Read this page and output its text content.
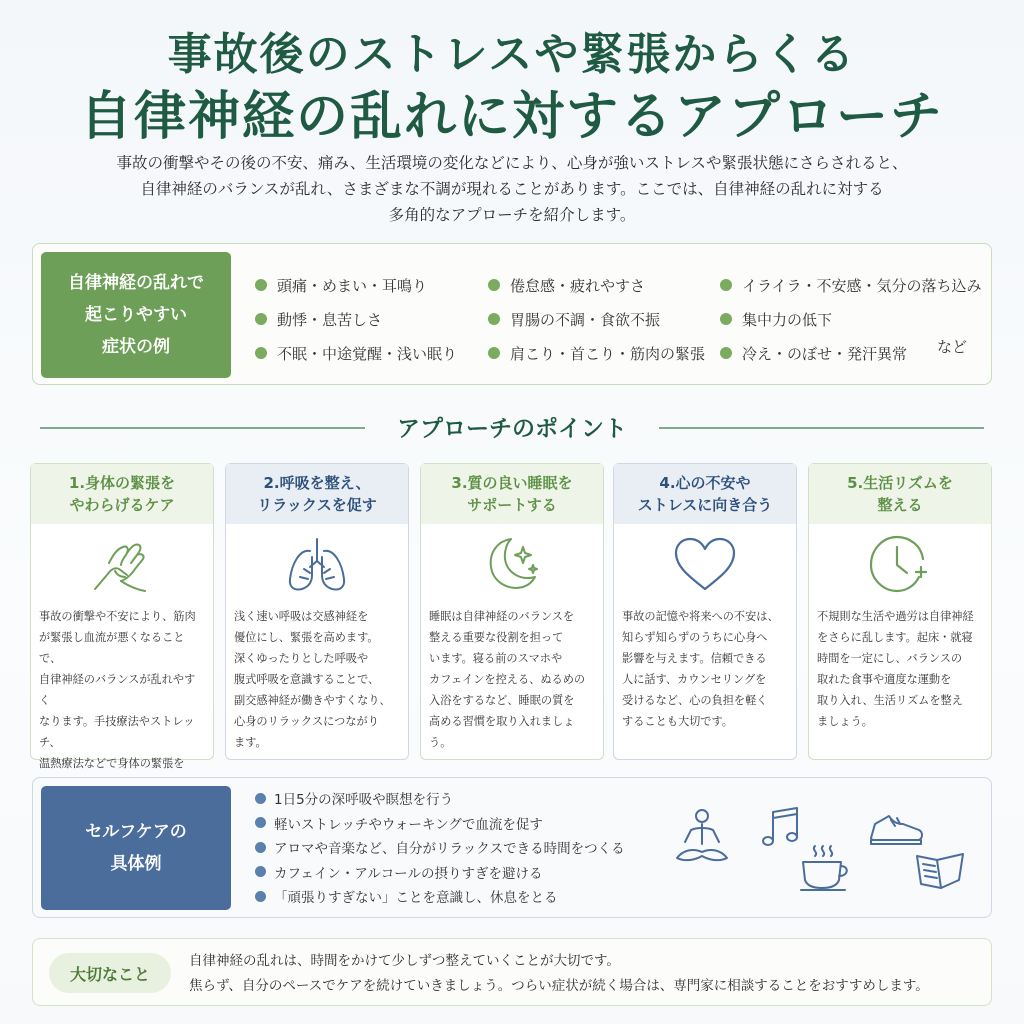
事故後のストレスや緊張からくる
自律神経の乱れに対するアプローチ
事故の衝撃やその後の不安、痛み、生活環境の変化などにより、心身が強いストレスや緊張状態にさらされると、
自律神経のバランスが乱れ、さまざまな不調が現れることがあります。ここでは、自律神経の乱れに対する
多角的なアプローチを紹介します。
自律神経の乱れで
起こりやすい
症状の例
頭痛・めまい・耳鳴り
動悸・息苦しさ
不眠・中途覚醒・浅い眠り
倦怠感・疲れやすさ
胃腸の不調・食欲不振
肩こり・首こり・筋肉の緊張
イライラ・不安感・気分の落ち込み
集中力の低下
冷え・のぼせ・発汗異常 など
アプローチのポイント
1.身体の緊張を
やわらげるケア
事故の衝撃や不安により、筋肉
が緊張し血流が悪くなることで、
自律神経のバランスが乱れやすく
なります。手技療法やストレッチ、
温熱療法などで身体の緊張を
2.呼吸を整え、
リラックスを促す
浅く速い呼吸は交感神経を
優位にし、緊張を高めます。
深くゆったりとした呼吸や
腹式呼吸を意識することで、
副交感神経が働きやすくなり、
心身のリラックスにつながり
ます。
3.質の良い睡眠を
サポートする
睡眠は自律神経のバランスを
整える重要な役割を担って
います。寝る前のスマホや
カフェインを控える、ぬるめの
入浴をするなど、睡眠の質を
高める習慣を取り入れましょう。
4.心の不安や
ストレスに向き合う
事故の記憶や将来への不安は、
知らず知らずのうちに心身へ
影響を与えます。信頼できる
人に話す、カウンセリングを
受けるなど、心の負担を軽く
することも大切です。
5.生活リズムを
整える
不規則な生活や過労は自律神経
をさらに乱します。起床・就寝
時間を一定にし、バランスの
取れた食事や適度な運動を
取り入れ、生活リズムを整え
ましょう。
セルフケアの
具体例
1日5分の深呼吸や瞑想を行う
軽いストレッチやウォーキングで血流を促す
アロマや音楽など、自分がリラックスできる時間をつくる
カフェイン・アルコールの摂りすぎを避ける
「頑張りすぎない」ことを意識し、休息をとる
大切なこと
自律神経の乱れは、時間をかけて少しずつ整えていくことが大切です。
焦らず、自分のペースでケアを続けていきましょう。つらい症状が続く場合は、専門家に相談することをおすすめします。
